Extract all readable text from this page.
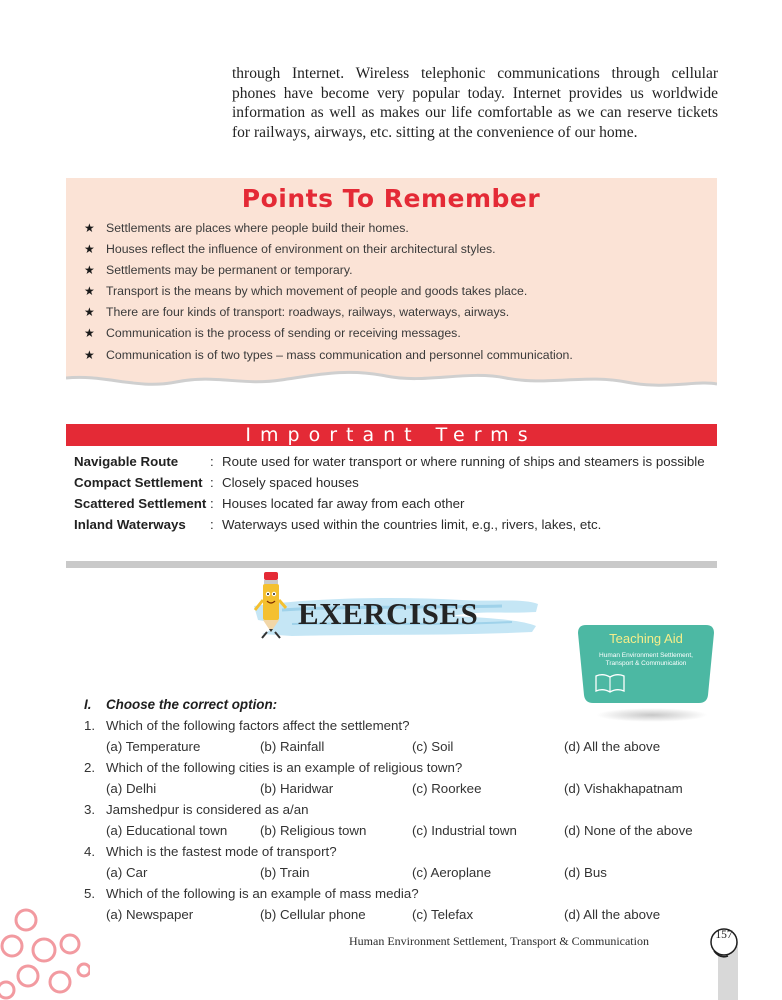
through Internet. Wireless telephonic communications through cellular phones have become very popular today. Internet provides us worldwide information as well as makes our life comfortable as we can reserve tickets for railways, airways, etc. sitting at the convenience of our home.
Points To Remember
★ Settlements are places where people build their homes.
★ Houses reflect the influence of environment on their architectural styles.
★ Settlements may be permanent or temporary.
★ Transport is the means by which movement of people and goods takes place.
★ There are four kinds of transport: roadways, railways, waterways, airways.
★ Communication is the process of sending or receiving messages.
★ Communication is of two types – mass communication and personnel communication.
Important Terms
Navigable Route	: Route used for water transport or where running of ships and steamers is possible
Compact Settlement : Closely spaced houses
Scattered Settlement : Houses located far away from each other
Inland Waterways	: Waterways used within the countries limit, e.g., rivers, lakes, etc.
EXERCISES
Teaching Aid
Human Environment Settlement,
Transport & Communication
I. Choose the correct option:
1. Which of the following factors affect the settlement?
(a) Temperature	(b) Rainfall	(c) Soil	(d) All the above
2. Which of the following cities is an example of religious town?
(a) Delhi	(b) Haridwar	(c) Roorkee	(d) Vishakhapatnam
3. Jamshedpur is considered as a/an
(a) Educational town (b) Religious town	(c) Industrial town	(d) None of the above
4. Which is the fastest mode of transport?
(a) Car	(b) Train	(c) Aeroplane	(d) Bus
5. Which of the following is an example of mass media?
(a) Newspaper	(b) Cellular phone	(c) Telefax	(d) All the above
Human Environment Settlement, Transport & Communication	157
